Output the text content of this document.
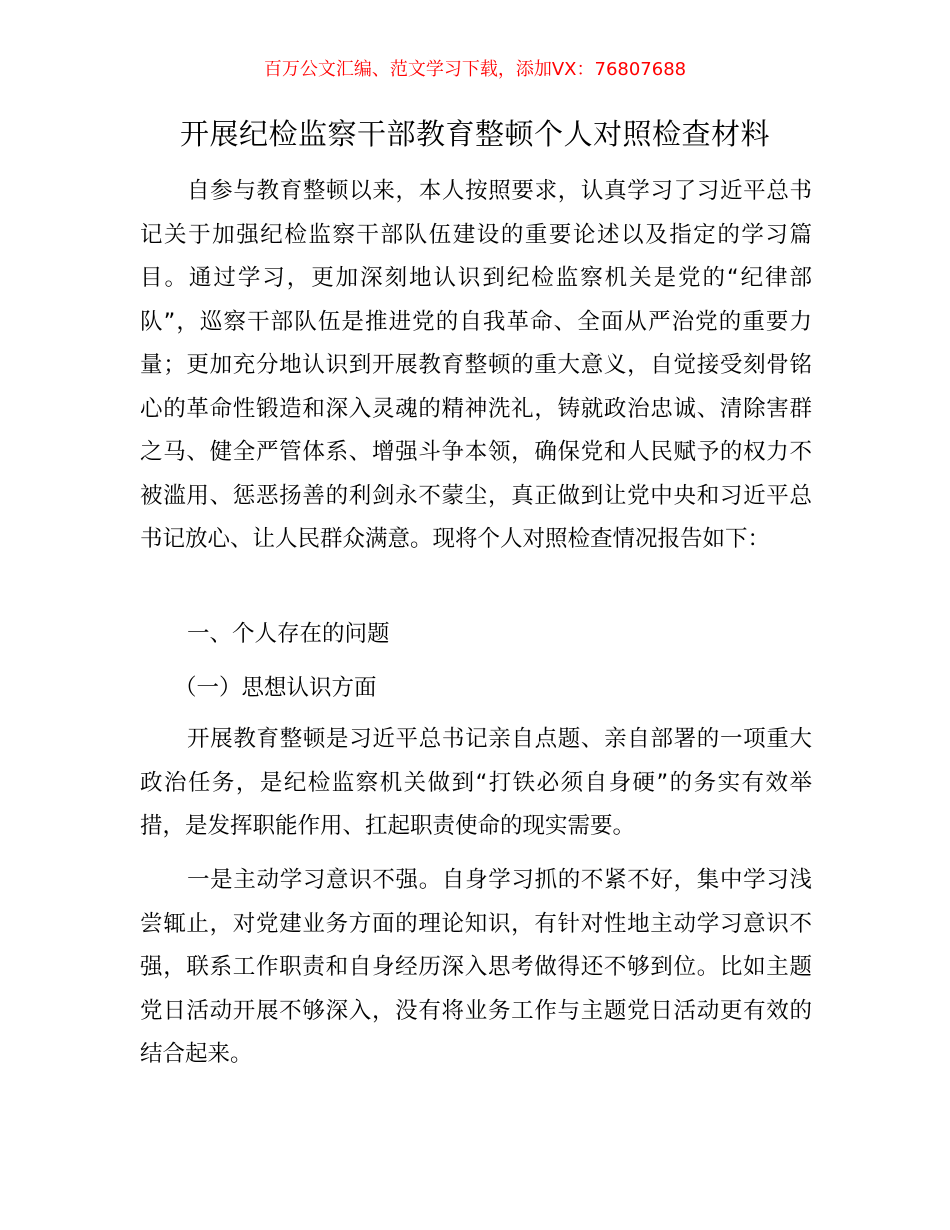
百万公文汇编、范文学习下载，添加VX：76807688
开展纪检监察干部教育整顿个人对照检查材料

自参与教育整顿以来，本人按照要求，认真学习了习近平总书记关于加强纪检监察干部队伍建设的重要论述以及指定的学习篇目。通过学习，更加深刻地认识到纪检监察机关是党的“纪律部队”，巡察干部队伍是推进党的自我革命、全面从严治党的重要力量；更加充分地认识到开展教育整顿的重大意义，自觉接受刻骨铭心的革命性锻造和深入灵魂的精神洗礼，铸就政治忠诚、清除害群之马、健全严管体系、增强斗争本领，确保党和人民赋予的权力不被滥用、惩恶扬善的利剑永不蒙尘，真正做到让党中央和习近平总书记放心、让人民群众满意。现将个人对照检查情况报告如下：

一、个人存在的问题

（一）思想认识方面

开展教育整顿是习近平总书记亲自点题、亲自部署的一项重大政治任务，是纪检监察机关做到“打铁必须自身硬”的务实有效举措，是发挥职能作用、扛起职责使命的现实需要。

一是主动学习意识不强。自身学习抓的不紧不好，集中学习浅尝辄止，对党建业务方面的理论知识，有针对性地主动学习意识不强，联系工作职责和自身经历深入思考做得还不够到位。比如主题党日活动开展不够深入，没有将业务工作与主题党日活动更有效的结合起来。
